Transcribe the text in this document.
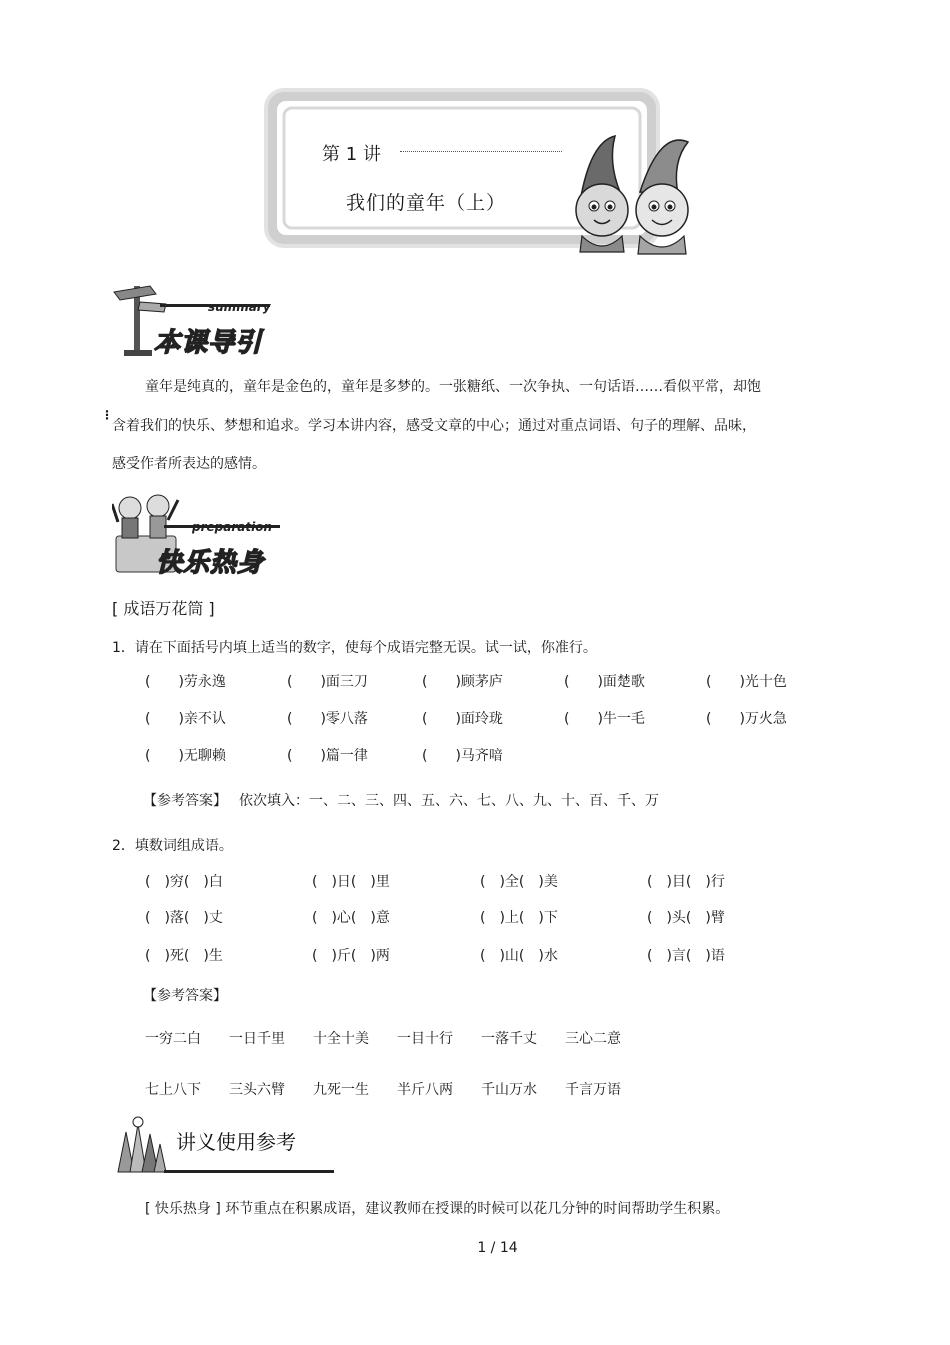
第 1 讲
我们的童年（上）
summary
本课导引
⋮
童年是纯真的，童年是金色的，童年是多梦的。一张糖纸、一次争执、一句话语……看似平常，却饱
含着我们的快乐、梦想和追求。学习本讲内容，感受文章的中心；通过对重点词语、句子的理解、品味，
感受作者所表达的感情。
preparation
快乐热身
[ 成语万花筒 ]
1．请在下面括号内填上适当的数字，使每个成语完整无误。试一试，你准行。
(　　)劳永逸	(　　)面三刀	(　　)顾茅庐	(　　)面楚歌	(　　)光十色
(　　)亲不认	(　　)零八落	(　　)面玲珑	(　　)牛一毛	(　　)万火急
(　　)无聊赖	(　　)篇一律	(　　)马齐喑
【参考答案】 依次填入：一、二、三、四、五、六、七、八、九、十、百、千、万
2．填数词组成语。
(　)穷(　)白	(　)日(　)里	(　)全(　)美	(　)目(　)行
(　)落(　)丈	(　)心(　)意	(　)上(　)下	(　)头(　)臂
(　)死(　)生	(　)斤(　)两	(　)山(　)水	(　)言(　)语
【参考答案】
一穷二白 一日千里 十全十美 一目十行 一落千丈 三心二意
七上八下 三头六臂 九死一生 半斤八两 千山万水 千言万语
讲义使用参考
[ 快乐热身 ] 环节重点在积累成语，建议教师在授课的时候可以花几分钟的时间帮助学生积累。
1 / 14
